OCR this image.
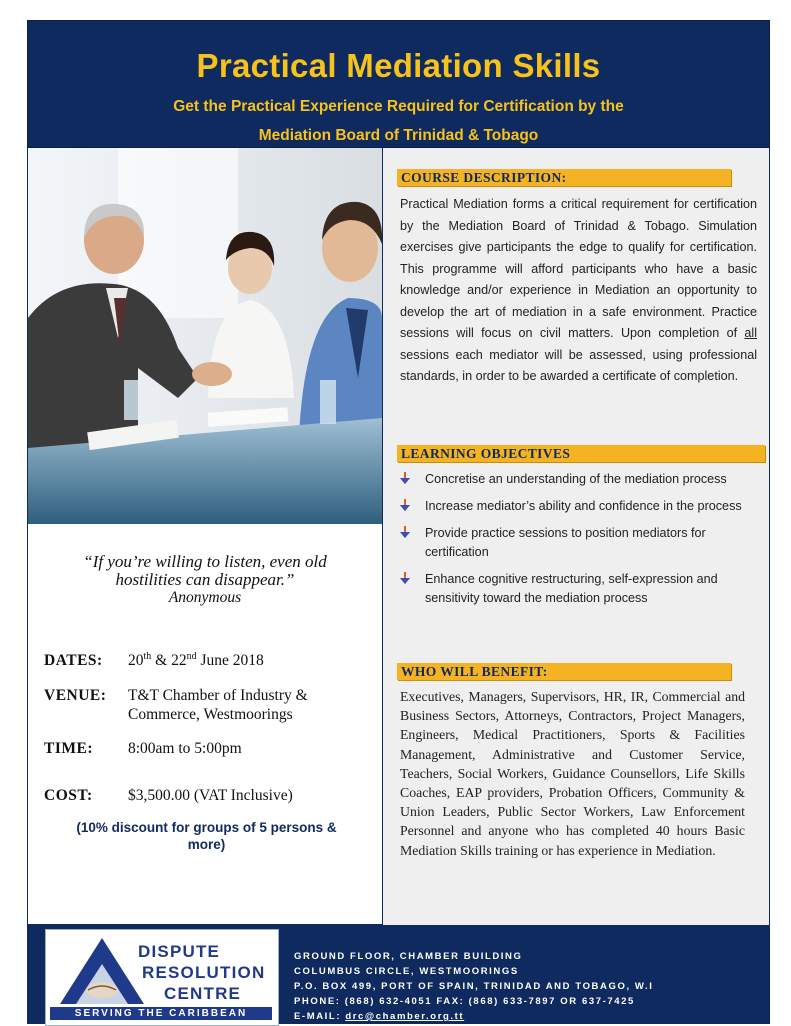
Practical Mediation Skills
Get the Practical Experience Required for Certification by the
Mediation Board of Trinidad & Tobago
“If you’re willing to listen, even old
hostilities can disappear.”
Anonymous
DATES: 20th & 22nd June 2018
VENUE: T&T Chamber of Industry &
Commerce, Westmoorings
TIME: 8:00am to 5:00pm
COST: $3,500.00 (VAT Inclusive)
(10% discount for groups of 5 persons &
more)
COURSE DESCRIPTION:
Practical Mediation forms a critical requirement for certification by the Mediation Board of Trinidad & Tobago. Simulation exercises give participants the edge to qualify for certification. This programme will afford participants who have a basic knowledge and/or experience in Mediation an opportunity to develop the art of mediation in a safe environment. Practice sessions will focus on civil matters. Upon completion of all sessions each mediator will be assessed, using professional standards, in order to be awarded a certificate of completion.
LEARNING OBJECTIVES
Concretise an understanding of the mediation process
Increase mediator’s ability and confidence in the process
Provide practice sessions to position mediators for certification
Enhance cognitive restructuring, self-expression and sensitivity toward the mediation process
WHO WILL BENEFIT:
Executives, Managers, Supervisors, HR, IR, Commercial and Business Sectors, Attorneys, Contractors, Project Managers, Engineers, Medical Practitioners, Sports & Facilities Management, Administrative and Customer Service, Teachers, Social Workers, Guidance Counsellors, Life Skills Coaches, EAP providers, Probation Officers, Community & Union Leaders, Public Sector Workers, Law Enforcement Personnel and anyone who has completed 40 hours Basic Mediation Skills training or has experience in Mediation.
DISPUTE
RESOLUTION
CENTRE
SERVING THE CARIBBEAN
GROUND FLOOR, CHAMBER BUILDING
COLUMBUS CIRCLE, WESTMOORINGS
P.O. BOX 499, PORT OF SPAIN, TRINIDAD AND TOBAGO, W.I
PHONE: (868) 632-4051 FAX: (868) 633-7897 OR 637-7425
E-MAIL: drc@chamber.org.tt
